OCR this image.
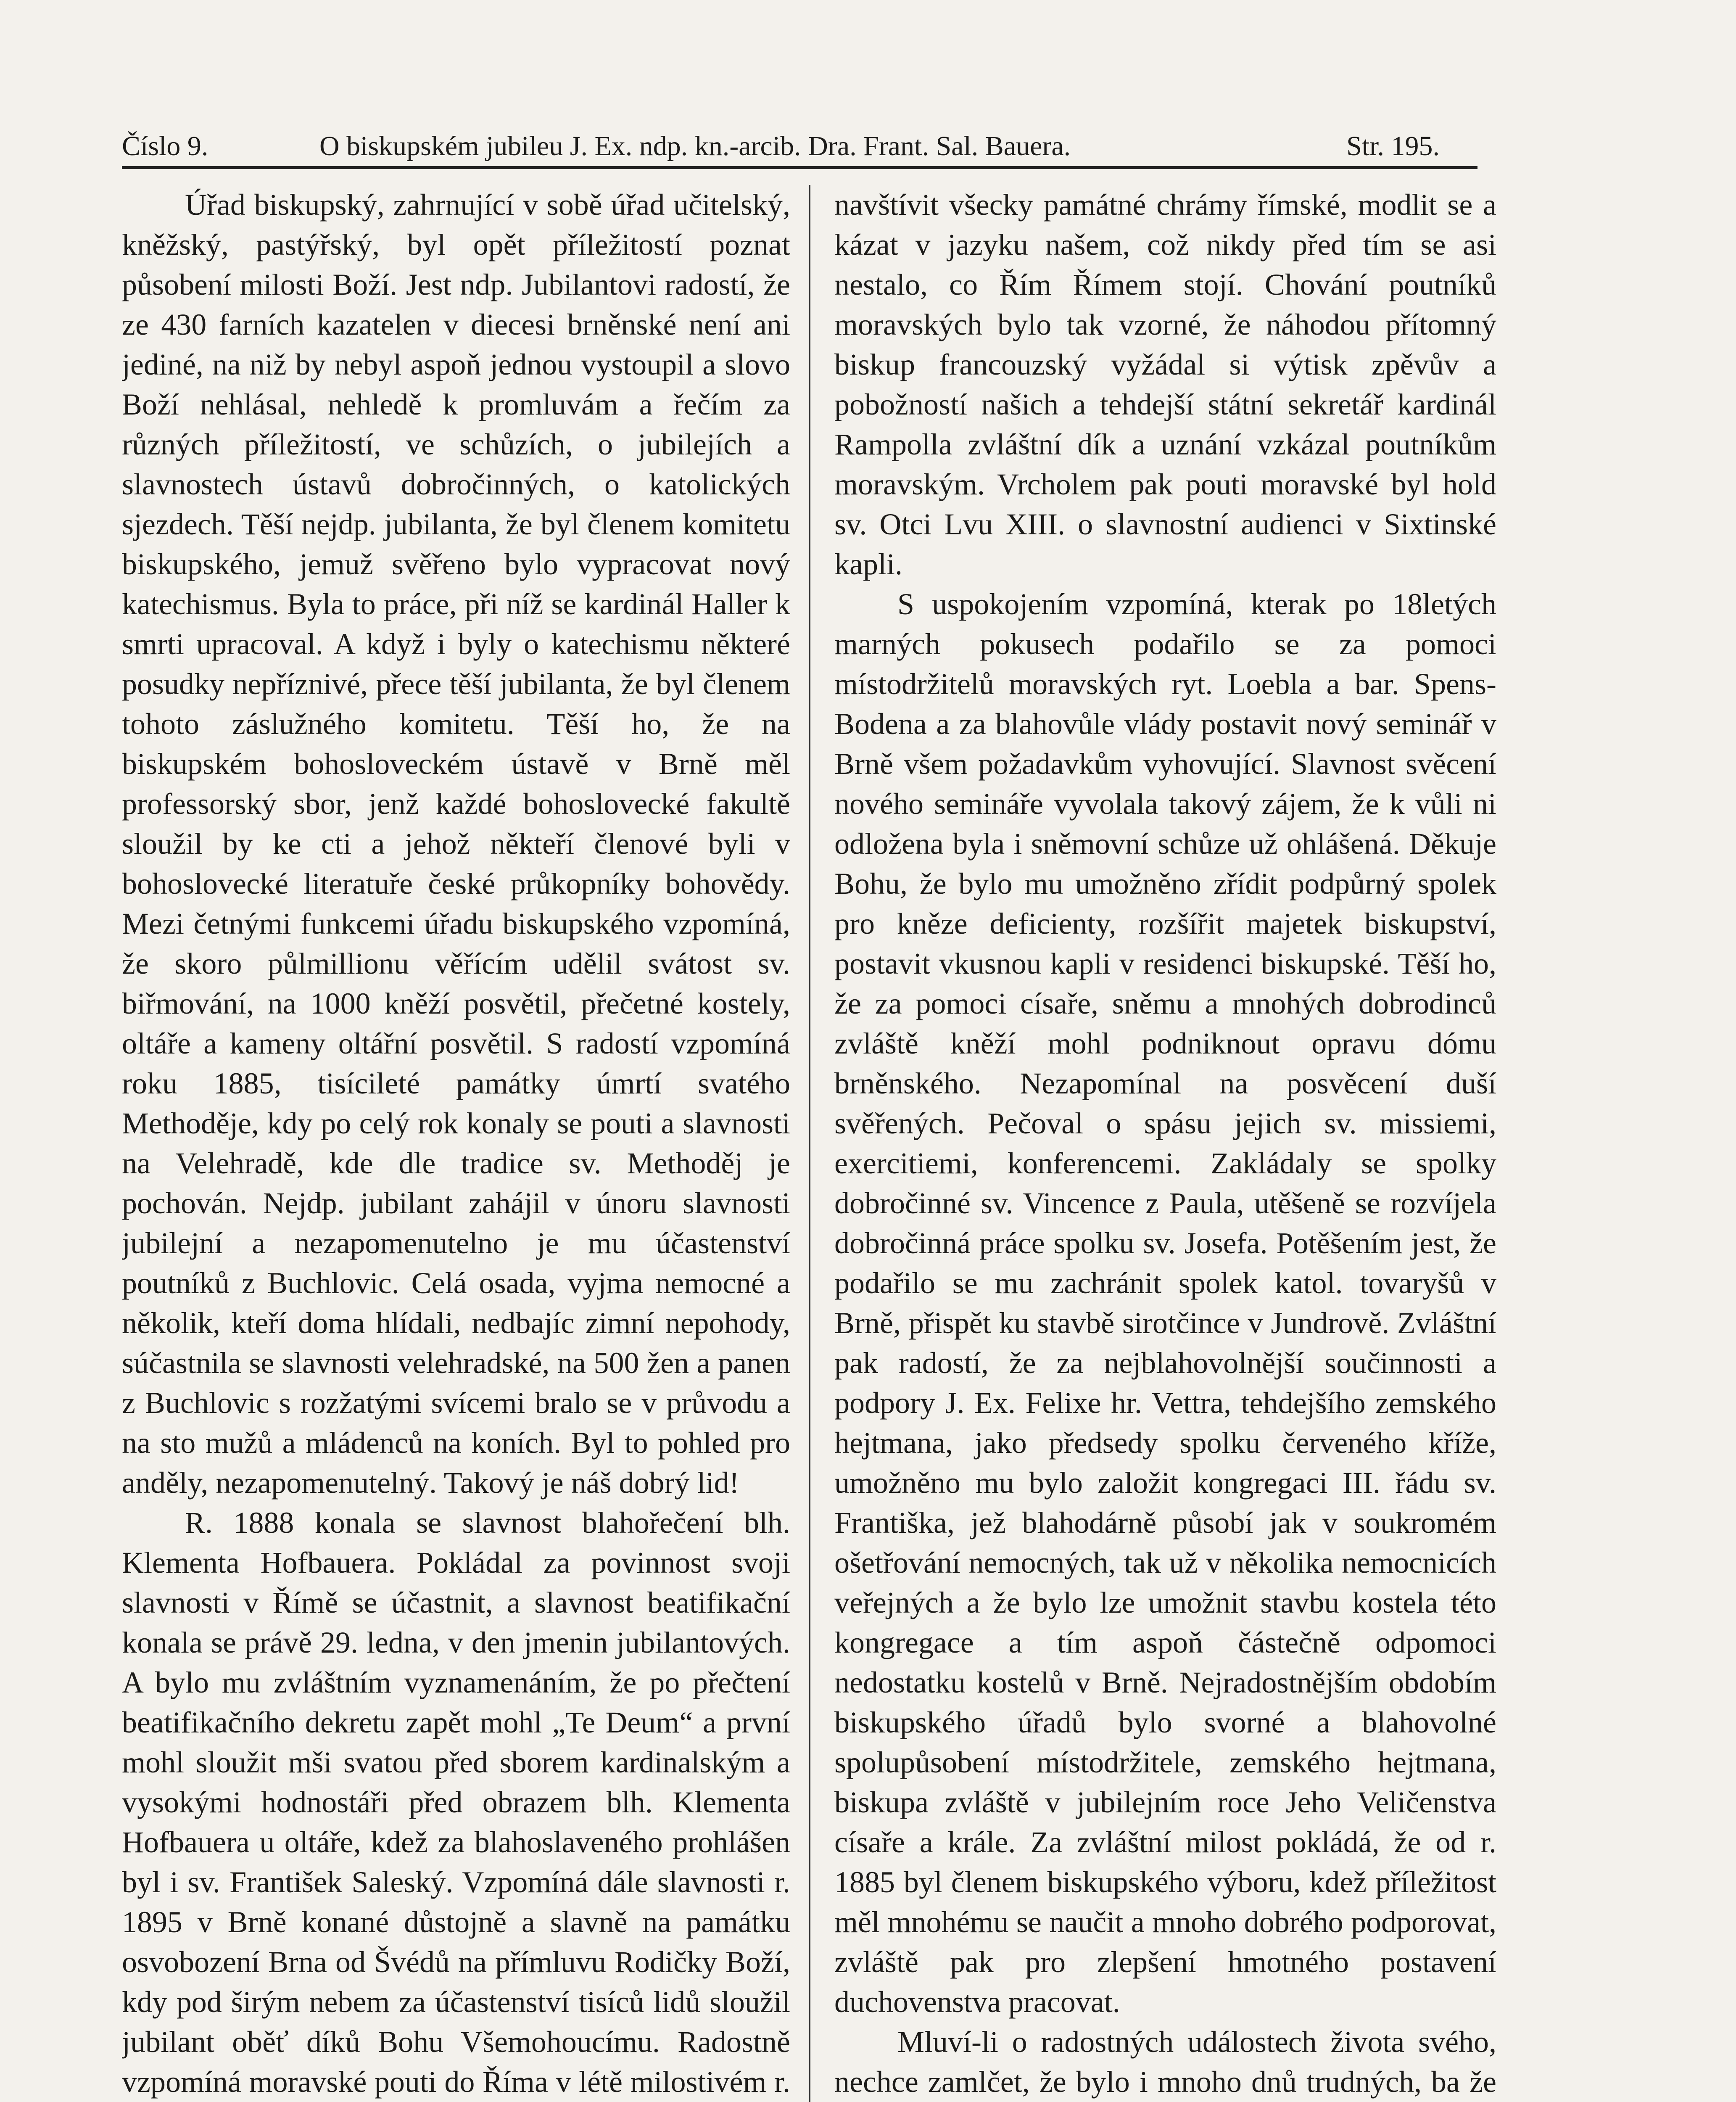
Číslo 9.	O biskupském jubileu J. Ex. ndp. kn.-arcib. Dra. Frant. Sal. Bauera.	Str. 195.

Úřad biskupský, zahrnující v sobě úřad učitelský, kněžský, pastýřský, byl opět příležitostí poznat působení milosti Boží. Jest ndp. Jubilantovi radostí, že ze 430 farních kazatelen v diecesi brněnské není ani jediné, na niž by nebyl aspoň jednou vystoupil a slovo Boží nehlásal, nehledě k promluvám a řečím za různých příležitostí, ve schůzích, o jubilejích a slavnostech ústavů dobročinných, o katolických sjezdech. Těší nejdp. jubilanta, že byl členem komitetu biskupského, jemuž svěřeno bylo vypracovat nový katechismus. Byla to práce, při níž se kardinál Haller k smrti upracoval. A když i byly o katechismu některé posudky nepříznivé, přece těší jubilanta, že byl členem tohoto záslužného komitetu. Těší ho, že na biskupském bohosloveckém ústavě v Brně měl professorský sbor, jenž každé bohoslovecké fakultě sloužil by ke cti a jehož někteří členové byli v bohoslovecké literatuře české průkopníky bohovědy. Mezi četnými funkcemi úřadu biskupského vzpomíná, že skoro půlmillionu věřícím udělil svátost sv. biřmování, na 1000 kněží posvětil, přečetné kostely, oltáře a kameny oltářní posvětil. S radostí vzpomíná roku 1885, tisícileté památky úmrtí svatého Methoděje, kdy po celý rok konaly se pouti a slavnosti na Velehradě, kde dle tradice sv. Methoděj je pochován. Nejdp. jubilant zahájil v únoru slavnosti jubilejní a nezapomenutelno je mu účastenství poutníků z Buchlovic. Celá osada, vyjma nemocné a několik, kteří doma hlídali, nedbajíc zimní nepohody, súčastnila se slavnosti velehradské, na 500 žen a panen z Buchlovic s rozžatými svícemi bralo se v průvodu a na sto mužů a mládenců na koních. Byl to pohled pro anděly, nezapomenutelný. Takový je náš dobrý lid!

R. 1888 konala se slavnost blahořečení blh. Klementa Hofbauera. Pokládal za povinnost svoji slavnosti v Římě se účastnit, a slavnost beatifikační konala se právě 29. ledna, v den jmenin jubilantových. A bylo mu zvláštním vyznamenáním, že po přečtení beatifikačního dekretu zapět mohl „Te Deum“ a první mohl sloužit mši svatou před sborem kardinalským a vysokými hodnostáři před obrazem blh. Klementa Hofbauera u oltáře, kdež za blahoslaveného prohlášen byl i sv. František Saleský. Vzpomíná dále slavnosti r. 1895 v Brně konané důstojně a slavně na památku osvobození Brna od Švédů na přímluvu Rodičky Boží, kdy pod širým nebem za účastenství tisíců lidů sloužil jubilant oběť díků Bohu Všemohoucímu. Radostně vzpomíná moravské pouti do Říma v létě milostivém r.

navštívit všecky památné chrámy římské, modlit se a kázat v jazyku našem, což nikdy před tím se asi nestalo, co Řím Římem stojí. Chování poutníků moravských bylo tak vzorné, že náhodou přítomný biskup francouzský vyžádal si výtisk zpěvův a pobožností našich a tehdejší státní sekretář kardinál Rampolla zvláštní dík a uznání vzkázal poutníkům moravským. Vrcholem pak pouti moravské byl hold sv. Otci Lvu XIII. o slavnostní audienci v Sixtinské kapli.

S uspokojením vzpomíná, kterak po 18letých marných pokusech podařilo se za pomoci místodržitelů moravských ryt. Loebla a bar. Spens-Bodena a za blahovůle vlády postavit nový seminář v Brně všem požadavkům vyhovující. Slavnost svěcení nového semináře vyvolala takový zájem, že k vůli ni odložena byla i sněmovní schůze už ohlášená. Děkuje Bohu, že bylo mu umožněno zřídit podpůrný spolek pro kněze deficienty, rozšířit majetek biskupství, postavit vkusnou kapli v residenci biskupské. Těší ho, že za pomoci císaře, sněmu a mnohých dobrodinců zvláště kněží mohl podniknout opravu dómu brněnského. Nezapomínal na posvěcení duší svěřených. Pečoval o spásu jejich sv. missiemi, exercitiemi, konferencemi. Zakládaly se spolky dobročinné sv. Vincence z Paula, utěšeně se rozvíjela dobročinná práce spolku sv. Josefa. Potěšením jest, že podařilo se mu zachránit spolek katol. tovaryšů v Brně, přispět ku stavbě sirotčince v Jundrově. Zvláštní pak radostí, že za nejblahovolnější součinnosti a podpory J. Ex. Felixe hr. Vettra, tehdejšího zemského hejtmana, jako předsedy spolku červeného kříže, umožněno mu bylo založit kongregaci III. řádu sv. Františka, jež blahodárně působí jak v soukromém ošetřování nemocných, tak už v několika nemocnicích veřejných a že bylo lze umožnit stavbu kostela této kongregace a tím aspoň částečně odpomoci nedostatku kostelů v Brně. Nejradostnějším obdobím biskupského úřadů bylo svorné a blahovolné spolupůsobení místodržitele, zemského hejtmana, biskupa zvláště v jubilejním roce Jeho Veličenstva císaře a krále. Za zvláštní milost pokládá, že od r. 1885 byl členem biskupského výboru, kdež příležitost měl mnohému se naučit a mnoho dobrého podporovat, zvláště pak pro zlepšení hmotného postavení duchovenstva pracovat.

Mluví-li o radostných událostech života svého, nechce zamlčet, že bylo i mnoho dnů trudných, ba že
